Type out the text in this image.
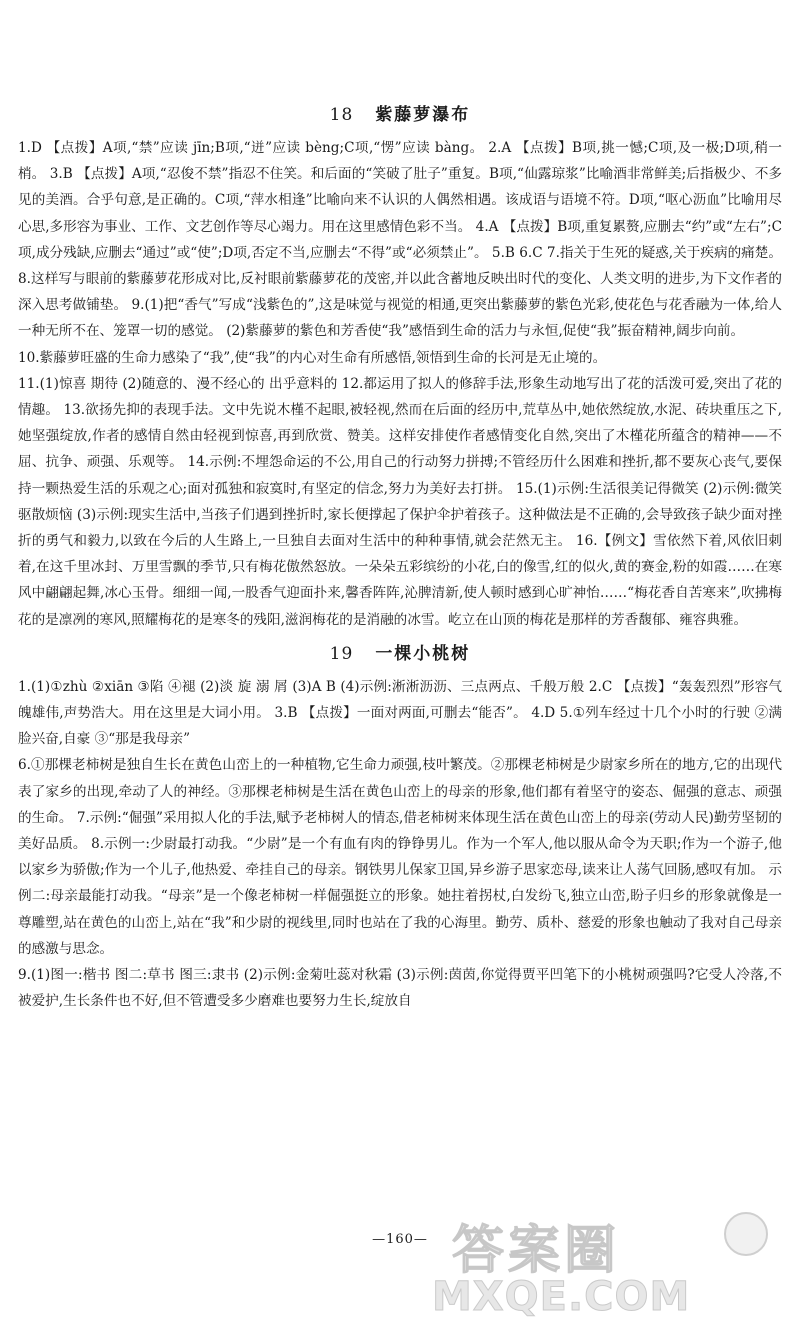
18 紫藤萝瀑布

1.D 【点拨】A项,“禁”应读 jīn;B项,“迸”应读 bèng;C项,“愣”应读 bàng。 2.A 【点拨】B项,挑一憾;C项,及一极;D项,稍一梢。 3.B 【点拨】A项,“忍俊不禁”指忍不住笑。和后面的“笑破了肚子”重复。B项,“仙露琼浆”比喻酒非常鲜美;后指极少、不多见的美酒。合乎句意,是正确的。C项,“萍水相逢”比喻向来不认识的人偶然相遇。该成语与语境不符。D项,“呕心沥血”比喻用尽心思,多形容为事业、工作、文艺创作等尽心竭力。用在这里感情色彩不当。 4.A 【点拨】B项,重复累赘,应删去“约”或“左右”;C项,成分残缺,应删去“通过”或“使”;D项,否定不当,应删去“不得”或“必须禁止”。 5.B 6.C 7.指关于生死的疑惑,关于疾病的痛楚。 8.这样写与眼前的紫藤萝花形成对比,反衬眼前紫藤萝花的茂密,并以此含蓄地反映出时代的变化、人类文明的进步,为下文作者的深入思考做铺垫。 9.(1)把“香气”写成“浅紫色的”,这是味觉与视觉的相通,更突出紫藤萝的紫色光彩,使花色与花香融为一体,给人一种无所不在、笼罩一切的感觉。 (2)紫藤萝的紫色和芳香使“我”感悟到生命的活力与永恒,促使“我”振奋精神,阔步向前。

10.紫藤萝旺盛的生命力感染了“我”,使“我”的内心对生命有所感悟,领悟到生命的长河是无止境的。

11.(1)惊喜 期待 (2)随意的、漫不经心的 出乎意料的 12.都运用了拟人的修辞手法,形象生动地写出了花的活泼可爱,突出了花的情趣。 13.欲扬先抑的表现手法。文中先说木槿不起眼,被轻视,然而在后面的经历中,荒草丛中,她依然绽放,水泥、砖块重压之下,她坚强绽放,作者的感情自然由轻视到惊喜,再到欣赏、赞美。这样安排使作者感情变化自然,突出了木槿花所蕴含的精神——不屈、抗争、顽强、乐观等。 14.示例:不埋怨命运的不公,用自己的行动努力拼搏;不管经历什么困难和挫折,都不要灰心丧气,要保持一颗热爱生活的乐观之心;面对孤独和寂寞时,有坚定的信念,努力为美好去打拼。 15.(1)示例:生活很美记得微笑 (2)示例:微笑驱散烦恼 (3)示例:现实生活中,当孩子们遇到挫折时,家长便撑起了保护伞护着孩子。这种做法是不正确的,会导致孩子缺少面对挫折的勇气和毅力,以致在今后的人生路上,一旦独自去面对生活中的种种事情,就会茫然无主。 16.【例文】雪依然下着,风依旧刺着,在这千里冰封、万里雪飘的季节,只有梅花傲然怒放。一朵朵五彩缤纷的小花,白的像雪,红的似火,黄的赛金,粉的如霞……在寒风中翩翩起舞,冰心玉骨。细细一闻,一股香气迎面扑来,馨香阵阵,沁脾清新,使人顿时感到心旷神怡……“梅花香自苦寒来”,吹拂梅花的是凛冽的寒风,照耀梅花的是寒冬的残阳,滋润梅花的是消融的冰雪。屹立在山顶的梅花是那样的芳香馥郁、雍容典雅。

19 一棵小桃树

1.(1)①zhù ②xiān ③陷 ④褪 (2)淡 旋 溺 屑 (3)A B (4)示例:淅淅沥沥、三点两点、千般万般 2.C 【点拨】“轰轰烈烈”形容气魄雄伟,声势浩大。用在这里是大词小用。 3.B 【点拨】一面对两面,可删去“能否”。 4.D 5.①列车经过十几个小时的行驶 ②满脸兴奋,自豪 ③“那是我母亲”

6.①那棵老柿树是独自生长在黄色山峦上的一种植物,它生命力顽强,枝叶繁茂。②那棵老柿树是少尉家乡所在的地方,它的出现代表了家乡的出现,牵动了人的神经。③那棵老柿树是生活在黄色山峦上的母亲的形象,他们都有着坚守的姿态、倔强的意志、顽强的生命。 7.示例:“倔强”采用拟人化的手法,赋予老柿树人的情态,借老柿树来体现生活在黄色山峦上的母亲(劳动人民)勤劳坚韧的美好品质。 8.示例一:少尉最打动我。“少尉”是一个有血有肉的铮铮男儿。作为一个军人,他以服从命令为天职;作为一个游子,他以家乡为骄傲;作为一个儿子,他热爱、牵挂自己的母亲。钢铁男儿保家卫国,异乡游子思家恋母,读来让人荡气回肠,感叹有加。 示例二:母亲最能打动我。“母亲”是一个像老柿树一样倔强挺立的形象。她拄着拐杖,白发纷飞,独立山峦,盼子归乡的形象就像是一尊雕塑,站在黄色的山峦上,站在“我”和少尉的视线里,同时也站在了我的心海里。勤劳、质朴、慈爱的形象也触动了我对自己母亲的感激与思念。

9.(1)图一:楷书 图二:草书 图三:隶书 (2)示例:金菊吐蕊对秋霜 (3)示例:茵茵,你觉得贾平凹笔下的小桃树顽强吗?它受人冷落,不被爱护,生长条件也不好,但不管遭受多少磨难也要努力生长,绽放自

—160— 答案圈
MXQE.COM
